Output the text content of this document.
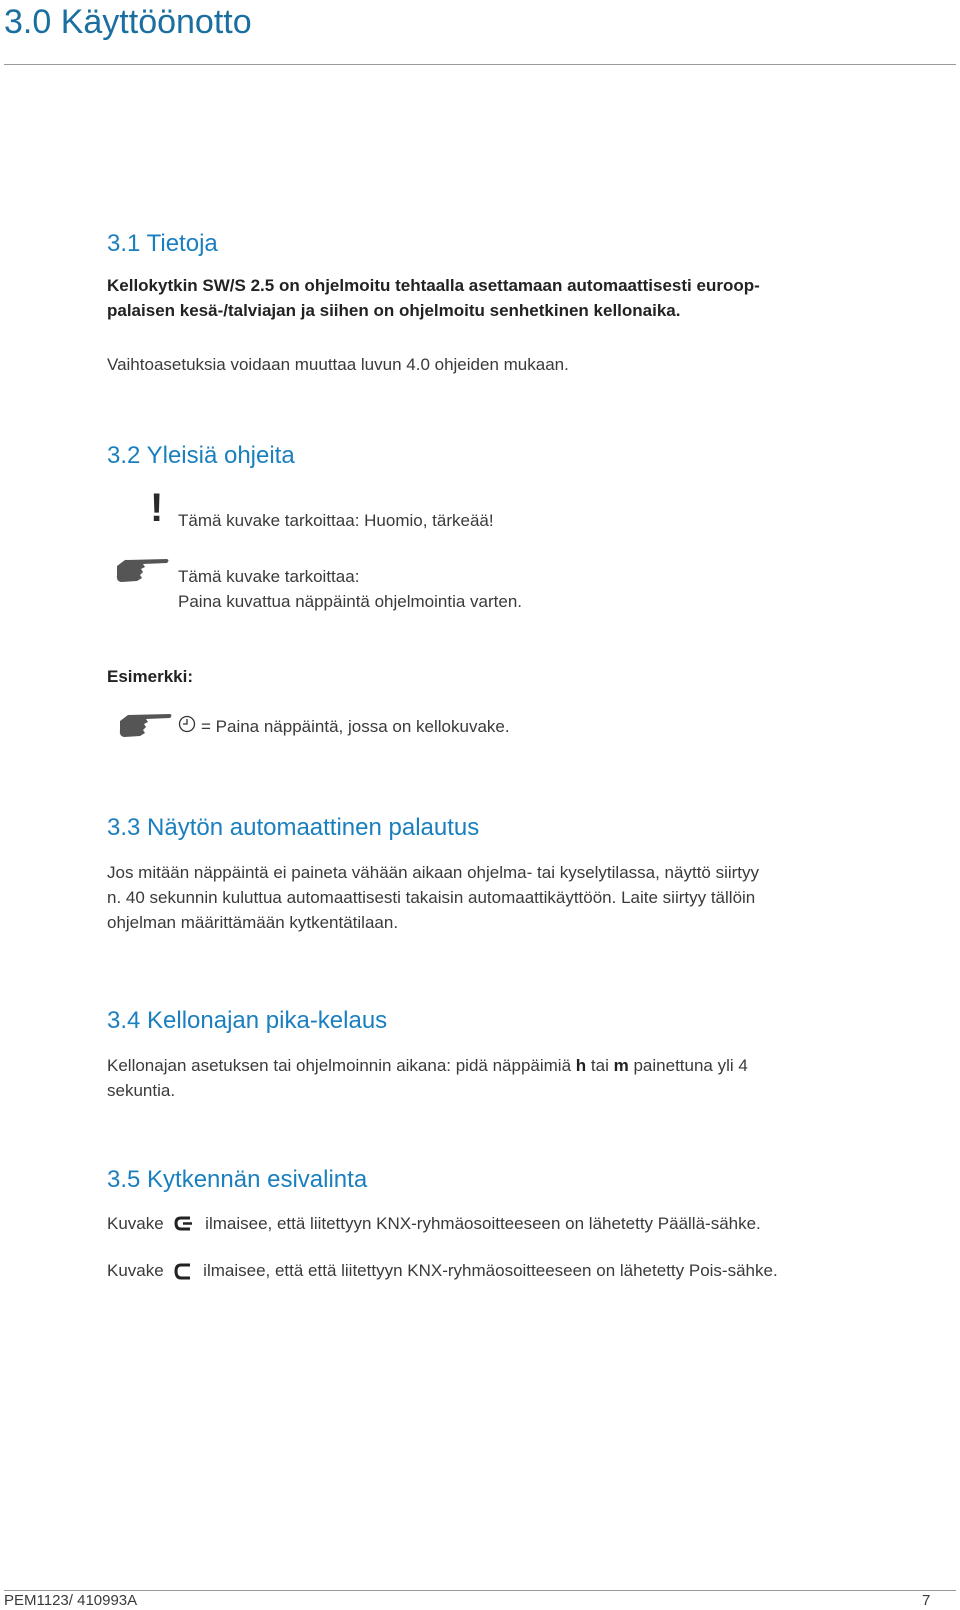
3.0 Käyttöönotto
3.1 Tietoja

Kellokytkin SW/S 2.5 on ohjelmoitu tehtaalla asettamaan automaattisesti euroop-

palaisen kesä-/talviajan ja siihen on ohjelmoitu senhetkinen kellonaika.

Vaihtoasetuksia voidaan muuttaa luvun 4.0 ohjeiden mukaan.

3.2 Yleisiä ohjeita
! Tämä kuvake tarkoittaa: Huomio, tärkeää!

Tämä kuvake tarkoittaa:

Paina kuvattua näppäintä ohjelmointia varten.

Esimerkki:

= Paina näppäintä, jossa on kellokuvake.

3.3 Näytön automaattinen palautus

Jos mitään näppäintä ei paineta vähään aikaan ohjelma- tai kyselytilassa, näyttö siirtyy

n. 40 sekunnin kuluttua automaattisesti takaisin automaattikäyttöön. Laite siirtyy tällöin

ohjelman määrittämään kytkentätilaan.

3.4 Kellonajan pika-kelaus

Kellonajan asetuksen tai ohjelmoinnin aikana: pidä näppäimiä h tai m painettuna yli 4

sekuntia.

3.5 Kytkennän esivalinta

Kuvake ilmaisee, että liitettyyn KNX-ryhmäosoitteeseen on lähetetty Päällä-sähke.

Kuvake ilmaisee, että että liitettyyn KNX-ryhmäosoitteeseen on lähetetty Pois-sähke.

PEM1123/ 410993A	7
